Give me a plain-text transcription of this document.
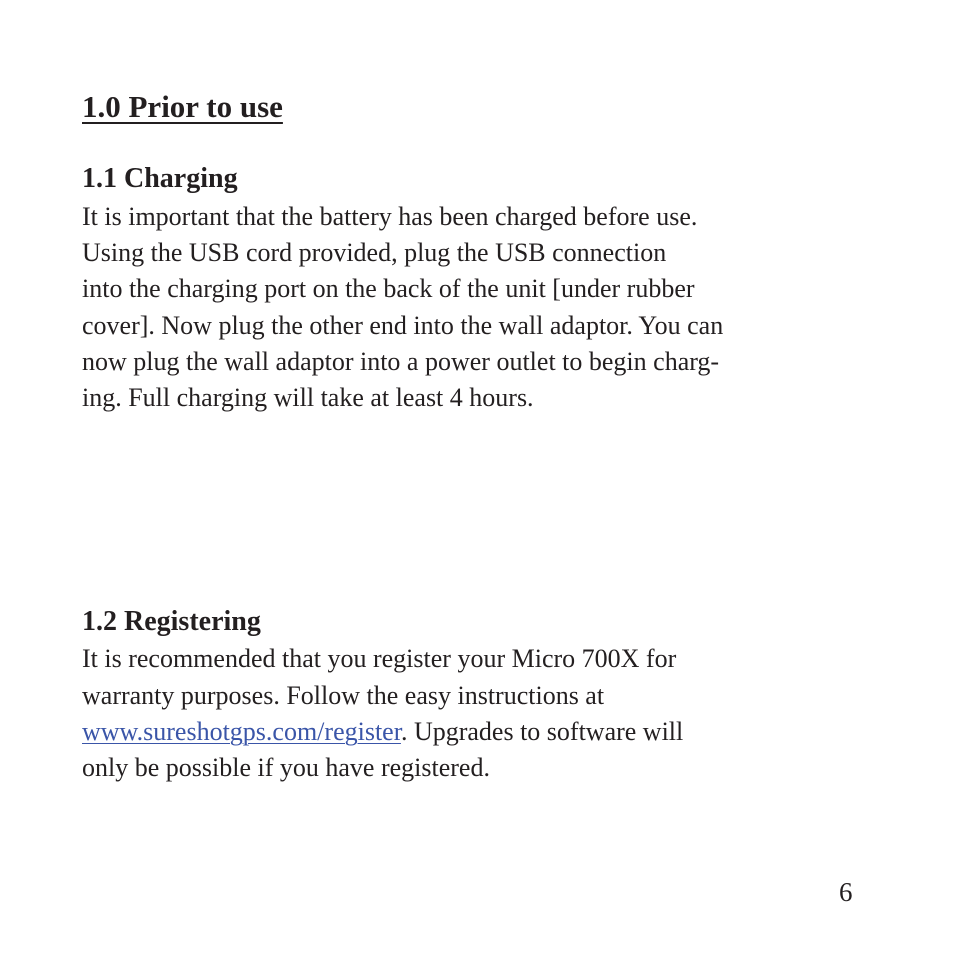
1.0 Prior to use
1.1 Charging
It is important that the battery has been charged before use.
Using the USB cord provided, plug the USB connection
into the charging port on the back of the unit [under rubber
cover]. Now plug the other end into the wall adaptor. You can
now plug the wall adaptor into a power outlet to begin charg-
ing. Full charging will take at least 4 hours.
1.2 Registering
It is recommended that you register your Micro 700X for
warranty purposes. Follow the easy instructions at
www.sureshotgps.com/register. Upgrades to software will
only be possible if you have registered.
6
